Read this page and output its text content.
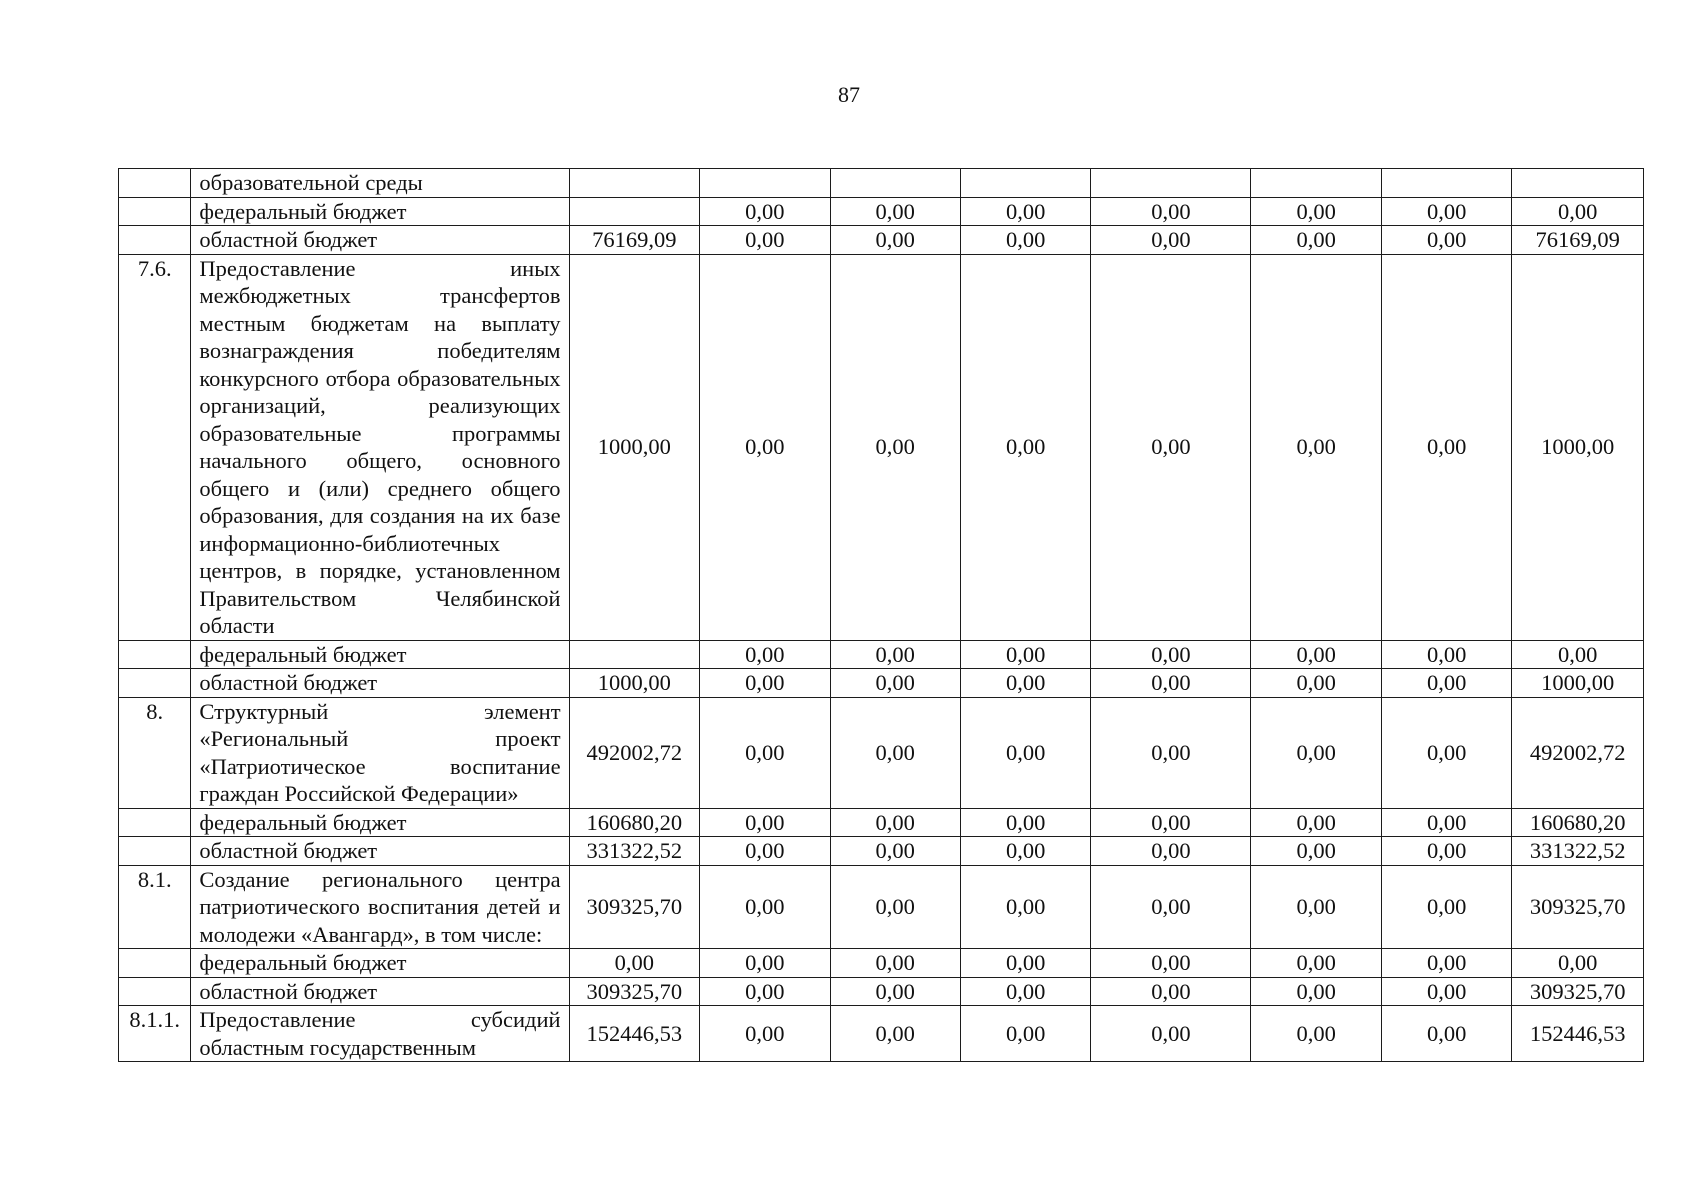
87
	образовательной среды								
	федеральный бюджет		0,00	0,00	0,00	0,00	0,00	0,00	0,00
	областной бюджет	76169,09	0,00	0,00	0,00	0,00	0,00	0,00	76169,09
7.6.	Предоставление иных межбюджетных трансфертов местным бюджетам на выплату вознаграждения победителям конкурсного отбора образовательных организаций, реализующих образовательные программы начального общего, основного общего и (или) среднего общего образования, для создания на их базе информационно-библиотечных центров, в порядке, установленном Правительством Челябинской области	1000,00	0,00	0,00	0,00	0,00	0,00	0,00	1000,00
	федеральный бюджет		0,00	0,00	0,00	0,00	0,00	0,00	0,00
	областной бюджет	1000,00	0,00	0,00	0,00	0,00	0,00	0,00	1000,00
8.	Структурный элемент «Региональный проект «Патриотическое воспитание граждан Российской Федерации»	492002,72	0,00	0,00	0,00	0,00	0,00	0,00	492002,72
	федеральный бюджет	160680,20	0,00	0,00	0,00	0,00	0,00	0,00	160680,20
	областной бюджет	331322,52	0,00	0,00	0,00	0,00	0,00	0,00	331322,52
8.1.	Создание регионального центра патриотического воспитания детей и молодежи «Авангард», в том числе:	309325,70	0,00	0,00	0,00	0,00	0,00	0,00	309325,70
	федеральный бюджет	0,00	0,00	0,00	0,00	0,00	0,00	0,00	0,00
	областной бюджет	309325,70	0,00	0,00	0,00	0,00	0,00	0,00	309325,70
8.1.1.	Предоставление субсидий областным государственным	152446,53	0,00	0,00	0,00	0,00	0,00	0,00	152446,53
